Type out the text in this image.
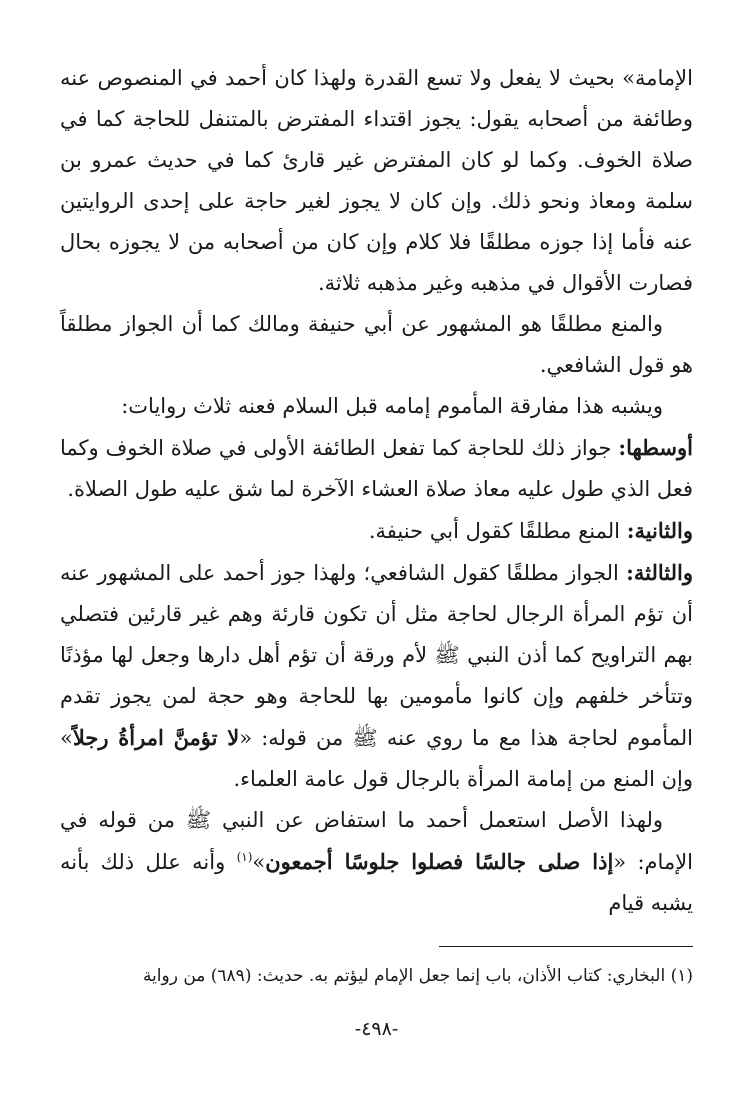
الإمامة» بحيث لا يفعل ولا تسع القدرة ولهذا كان أحمد في المنصوص عنه وطائفة من أصحابه يقول: يجوز اقتداء المفترض بالمتنفل للحاجة كما في صلاة الخوف. وكما لو كان المفترض غير قارئ كما في حديث عمرو بن سلمة ومعاذ ونحو ذلك. وإن كان لا يجوز لغير حاجة على إحدى الروايتين عنه فأما إذا جوزه مطلقًا فلا كلام وإن كان من أصحابه من لا يجوزه بحال فصارت الأقوال في مذهبه وغير مذهبه ثلاثة.

والمنع مطلقًا هو المشهور عن أبي حنيفة ومالك كما أن الجواز مطلقاً هو قول الشافعي.

ويشبه هذا مفارقة المأموم إمامه قبل السلام فعنه ثلاث روايات:

أوسطها: جواز ذلك للحاجة كما تفعل الطائفة الأولى في صلاة الخوف وكما فعل الذي طول عليه معاذ صلاة العشاء الآخرة لما شق عليه طول الصلاة.

والثانية: المنع مطلقًا كقول أبي حنيفة.

والثالثة: الجواز مطلقًا كقول الشافعي؛ ولهذا جوز أحمد على المشهور عنه أن تؤم المرأة الرجال لحاجة مثل أن تكون قارئة وهم غير قارئين فتصلي بهم التراويح كما أذن النبي ﷺ لأم ورقة أن تؤم أهل دارها وجعل لها مؤذنًا وتتأخر خلفهم وإن كانوا مأمومين بها للحاجة وهو حجة لمن يجوز تقدم المأموم لحاجة هذا مع ما روي عنه ﷺ من قوله: «لا تؤمنَّ امرأةُ رجلاً» وإن المنع من إمامة المرأة بالرجال قول عامة العلماء.

ولهذا الأصل استعمل أحمد ما استفاض عن النبي ﷺ من قوله في الإمام: «إذا صلى جالسًا فصلوا جلوسًا أجمعون»$^{(١)}$ وأنه علل ذلك بأنه يشبه قيام

(١) البخاري: كتاب الأذان، باب إنما جعل الإمام ليؤتم به. حديث: (٦٨٩) من رواية

-٤٩٨-
